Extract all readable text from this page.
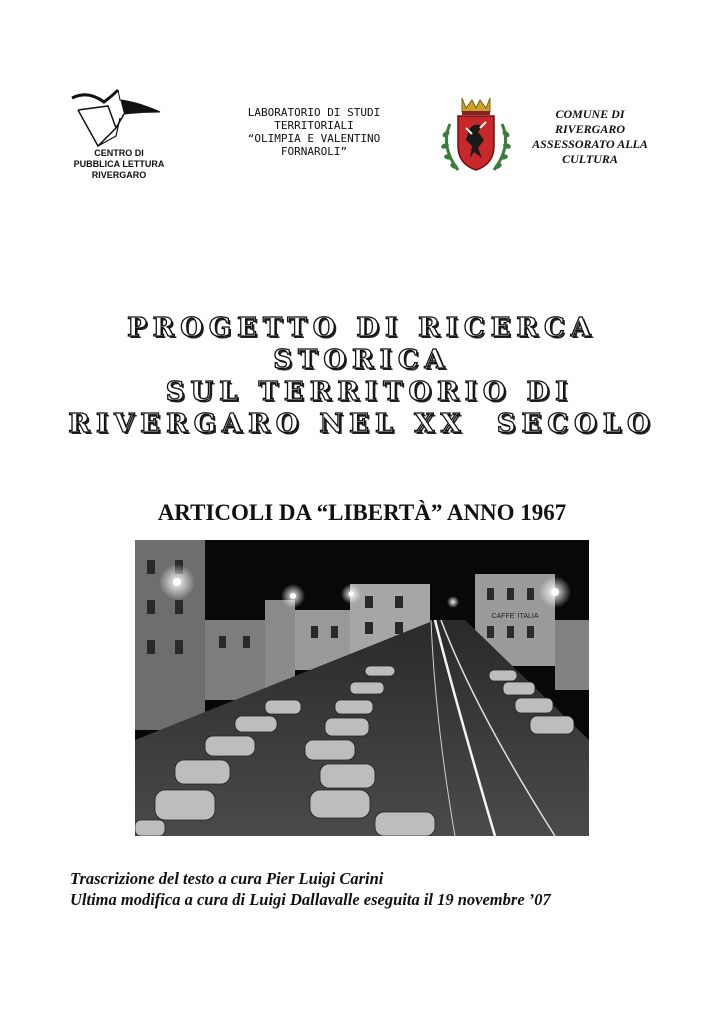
CENTRO DI
PUBBLICA LETTURA
RIVERGARO
LABORATORIO DI STUDI
TERRITORIALI
“OLIMPIA E VALENTINO
FORNAROLI”
COMUNE DI
RIVERGARO
ASSESSORATO ALLA
CULTURA
PROGETTO DI RICERCA
STORICA
SUL TERRITORIO DI
RIVERGARO NEL XX  SECOLO
ARTICOLI DA “LIBERTÀ” ANNO 1967
CAFFE' ITALIA
Trascrizione del testo a cura Pier Luigi Carini
Ultima modifica a cura di Luigi Dallavalle eseguita il 19 novembre ’07
